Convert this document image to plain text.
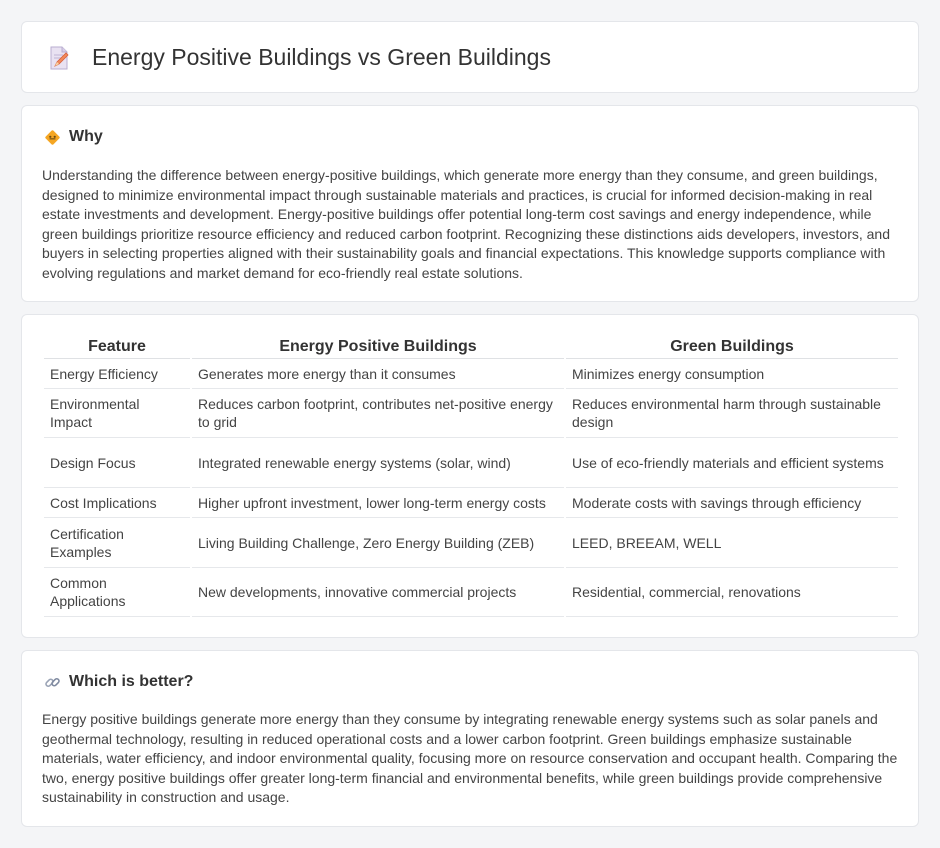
Energy Positive Buildings vs Green Buildings
Why

Understanding the difference between energy-positive buildings, which generate more energy than they consume, and green buildings, designed to minimize environmental impact through sustainable materials and practices, is crucial for informed decision-making in real estate investments and development. Energy-positive buildings offer potential long-term cost savings and energy independence, while green buildings prioritize resource efficiency and reduced carbon footprint. Recognizing these distinctions aids developers, investors, and buyers in selecting properties aligned with their sustainability goals and financial expectations. This knowledge supports compliance with evolving regulations and market demand for eco-friendly real estate solutions.

Feature	Energy Positive Buildings	Green Buildings
Energy Efficiency	Generates more energy than it consumes	Minimizes energy consumption
Environmental Impact	Reduces carbon footprint, contributes net-positive energy to grid	Reduces environmental harm through sustainable design
Design Focus	Integrated renewable energy systems (solar, wind)	Use of eco-friendly materials and efficient systems
Cost Implications	Higher upfront investment, lower long-term energy costs	Moderate costs with savings through efficiency
Certification Examples	Living Building Challenge, Zero Energy Building (ZEB)	LEED, BREEAM, WELL
Common Applications	New developments, innovative commercial projects	Residential, commercial, renovations
Which is better?

Energy positive buildings generate more energy than they consume by integrating renewable energy systems such as solar panels and geothermal technology, resulting in reduced operational costs and a lower carbon footprint. Green buildings emphasize sustainable materials, water efficiency, and indoor environmental quality, focusing more on resource conservation and occupant health. Comparing the two, energy positive buildings offer greater long-term financial and environmental benefits, while green buildings provide comprehensive sustainability in construction and usage.
